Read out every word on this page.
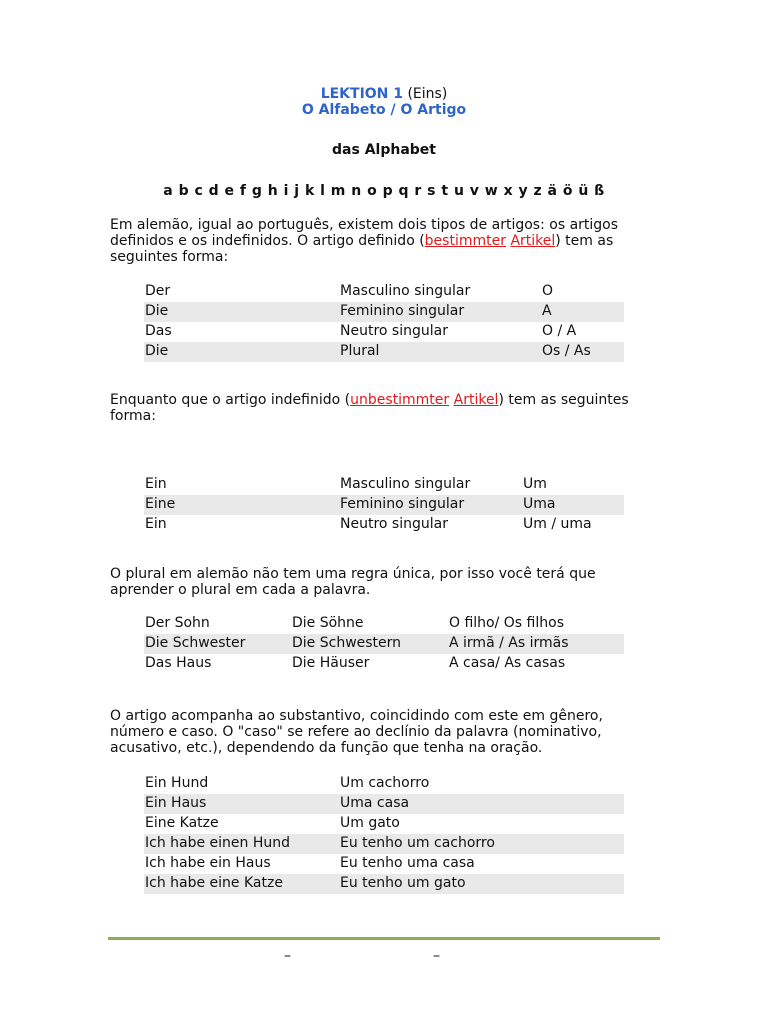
LEKTION 1 (Eins)
O Alfabeto / O Artigo
das Alphabet
a b c d e f g h i j k l m n o p q r s t u v w x y z ä ö ü ß
Em alemão, igual ao português, existem dois tipos de artigos: os artigos definidos e os indefinidos. O artigo definido (bestimmter Artikel) tem as seguintes forma:
Der	Masculino singular	O
Die	Feminino singular	A
Das	Neutro singular	O / A
Die	Plural	Os / As
Enquanto que o artigo indefinido (unbestimmter Artikel) tem as seguintes forma:
Ein	Masculino singular	Um
Eine	Feminino singular	Uma
Ein	Neutro singular	Um / uma
O plural em alemão não tem uma regra única, por isso você terá que aprender o plural em cada a palavra.
Der Sohn	Die Söhne	O filho/ Os filhos
Die Schwester	Die Schwestern	A irmã / As irmãs
Das Haus	Die Häuser	A casa/ As casas
O artigo acompanha ao substantivo, coincidindo com este em gênero, número e caso. O "caso" se refere ao declínio da palavra (nominativo, acusativo, etc.), dependendo da função que tenha na oração.
Ein Hund	Um cachorro
Ein Haus	Uma casa
Eine Katze	Um gato
Ich habe einen Hund	Eu tenho um cachorro
Ich habe ein Haus	Eu tenho uma casa
Ich habe eine Katze	Eu tenho um gato
–	–
